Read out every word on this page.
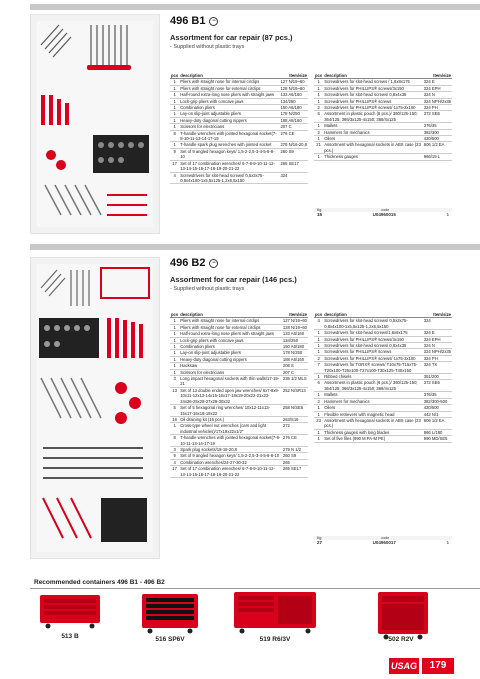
496 B1	−
Assortment for car repair (87 pcs.)
- Supplied without plastic trays
pcs	description	Item/size
1	Pliers with straight nose for internal circlips	127 N/19~60
1	Pliers with straight nose for external circlips	128 N/19~60
1	Half-round extra-long nose pliers with straight jaws	133 A6/160
1	Lock-grip pliers with concave jaws	134/250
1	Combination pliers	150 A6/180
1	Lay-on slip-joint adjustable pliers	178 N/250
1	Heavy-duty diagonal cutting nippers	188 A6/160
1	Scissors for electricians	207 C
8	T-handle wrenches with jointed hexagonal socket(7-8-10-11-13-14-17-19	276 CE
1	T-handle spark plug wrenches with jointed socket	278 N/16-20,8
9	Set of 9 angled hexagon keys/ 1,5-2-2,5-3-4-5-6-8-10	260 S9
17	Set of 17 combination wrenches/ 6-7-8-9-10-11-12-13-14-15-16-17-18-19-20-21-22	265 SE17
4	Screwdrivers for slot-head screws/ 0,5x3x75-0,8x4x100-1x5,5x125-1,2x6,5x150	324
pcs	description	Item/size
1	Screwdrivers for slot-head screws / 1,6x8x175	324 E
1	Screwdrivers for PHILLIPS® screws/3x150	324 EPH
1	Screwdrivers for slot-head screws/ 0,8x4x35	324 N
1	Screwdrivers for PHILLIPS® screws	324 NPH/2x35
2	Screwdrivers for PHILLIPS® screws/ 1x75-2x100	324 PH
6	Assortment in plastic pouch (6 pcs.)/ 360/125-150; 364/125; 366/3x125-4x150; 368/4x125	372 SE6
1	Mallets	376/35
2	Hammers for mechanics	382/300
1	Oilers	420/500
21	Assortment with hexagonal sockets in ABS case (23 pcs.)	606 1/2 EA
1	Thickness gauges	966/19 L
Kg	code
15	U04960015	1
496 B2	−
Assortment for car repair (146 pcs.)
- Supplied without plastic trays
pcs	description	Item/size
1	Pliers with straight nose for internal circlips	127 N/19~60
1	Pliers with straight nose for external circlips	128 N/19~60
1	Half-round extra-long nose pliers with straight jaws	133 A6/160
1	Lock-grip pliers with concave jaws	134/250
1	Combination pliers	150 A6/180
1	Lay-on slip-joint adjustable pliers	178 N/250
1	Heavy-duty diagonal cutting nippers	188 A6/160
1	Hacksaw	208 S
1	Scissors for electricians	207 C
3	Long impact hexagonal sockets with thin walls/17-19-21	235 1/2 MLS
13	Set of 13 double ended open jaw wrenches/ 6x7-8x9-10x11-12x13-14x15-16x17-18x19-20x22-21x23-24x26-25x28-27x29-30x32	252 N/SR13
5	Set of 5 hexagonal ring wrenches/ 10x12-11x13-15x17-16x18-19x22	258 N/SE5
16	Oil draining kit (16 pcs.)	263/S16
1	Cross-type wheel nut wrenches (cars and light industrial vehicles)/17x19x22x1/2"	272
8	T-handle wrenches with jointed hexagonal socket(7-8-10-11-13-14-17-19	276 CE
3	Spark plug sockets/18-18-20,8	279 N 1/2
9	Set of 9 angled hexagon keys/ 1,5-2-2,5-3-4-5-6-8-10	260 S9
4	Combination wrenches/24-27-30-32	265
17	Set of 17 combination wrenches/ 6-7-8-9-10-11-12-13-14-15-16-17-18-19-20-21-22	265 SE17
pcs	description	Item/size
4	Screwdrivers for slot-head screws/ 0,5x3x75-0,8x4x100-1x5,5x125-1,2x6,5x150	324
1	Screwdrivers for slot-head screws/1,6x8x175	324 E
1	Screwdrivers for PHILLIPS® screws/3x150	324 EPH
1	Screwdrivers for slot-head screws/ 0,8x4x35	324 N
1	Screwdrivers for PHILLIPS® screws	324 NPH/2x35
2	Screwdrivers for PHILLIPS® screws/ 1x75-2x100	324 PH
7	Screwdrivers for TORX® screws/ T10x75-T15x75-T20x100-T25x100-T27x100-T30x125-T40x150	324 TX
1	Ribbed chisels	351/200
6	Assortment in plastic pouch (6 pcs.)/ 360/125-150; 364/125; 366/3x125-4x150; 368/4x125	372 SE6
1	Mallets	376/35
2	Hammers for mechanics	382/300-500
1	Oilers	420/500
1	Flexible retrievers with magnetic head	442 N/1
23	Assortment with hexagonal sockets in ABS case (23 pcs.)	606 1/2 EA
1	Thickness gauges with long blades	966 L/160
1	Set of five files (990 M PA-M PE)	990 MD/SE5
Kg	code
27	U04960017	1
Recommended containers 496 B1 - 496 B2
513 B	516 SP6V	519 R6/3V	502 R2V
USAG	179
